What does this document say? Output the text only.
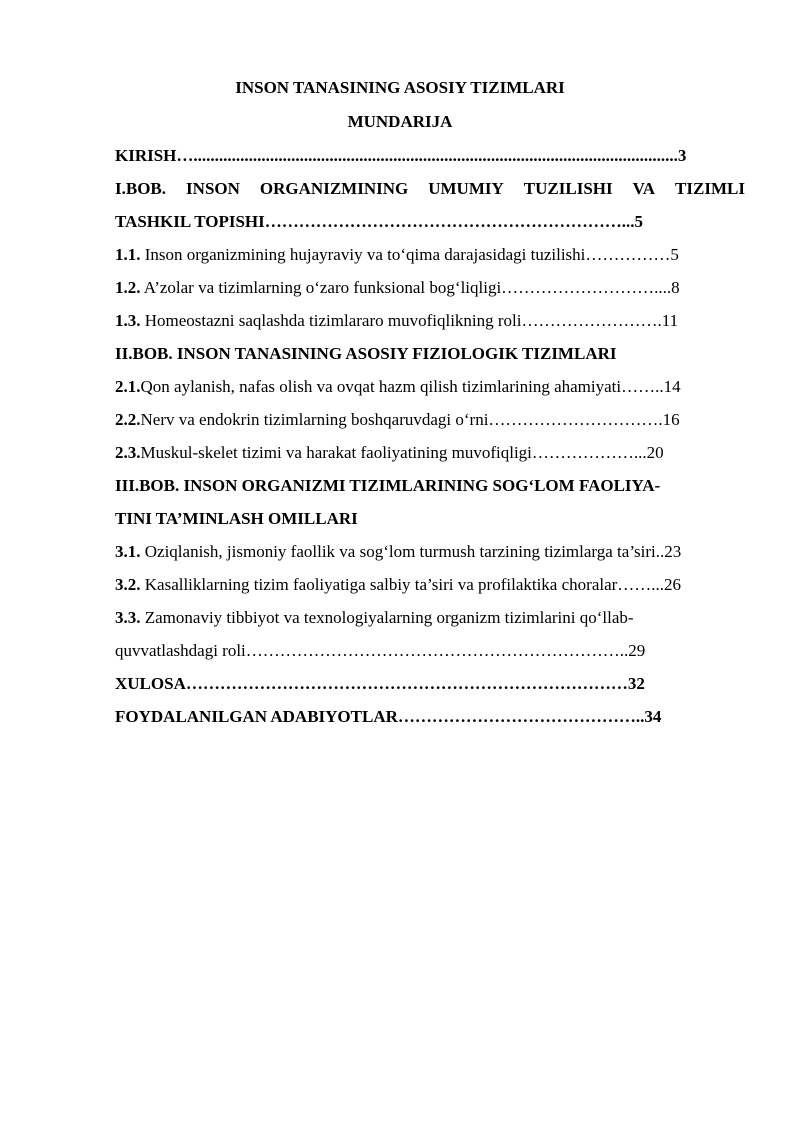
INSON TANASINING ASOSIY TIZIMLARI
MUNDARIJA
KIRISH…..................................................................................................................3
I.BOB. INSON ORGANIZMINING UMUMIY TUZILISHI VA TIZIMLI
TASHKIL TOPISHI………………………………………………………...5
1.1. Inson organizmining hujayraviy va to‘qima darajasidagi tuzilishi……………5
1.2. A’zolar va tizimlarning o‘zaro funksional bog‘liqligi………………………....8
1.3. Homeostazni saqlashda tizimlararo muvofiqlikning roli…………………….11
II.BOB. INSON TANASINING ASOSIY FIZIOLOGIK TIZIMLARI
2.1.Qon aylanish, nafas olish va ovqat hazm qilish tizimlarining ahamiyati……..14
2.2.Nerv va endokrin tizimlarning boshqaruvdagi o‘rni………………………….16
2.3.Muskul-skelet tizimi va harakat faoliyatining muvofiqligi………………...20
III.BOB. INSON ORGANIZMI TIZIMLARINING SOG‘LOM FAOLIYA-
TINI TA’MINLASH OMILLARI
3.1. Oziqlanish, jismoniy faollik va sog‘lom turmush tarzining tizimlarga ta’siri..23
3.2. Kasalliklarning tizim faoliyatiga salbiy ta’siri va profilaktika choralar……...26
3.3. Zamonaviy tibbiyot va texnologiyalarning organizm tizimlarini qo‘llab-
quvvatlashdagi roli…………………………………………………………..29
XULOSA……………………………………………………………………32
FOYDALANILGAN ADABIYOTLAR……………………………………..34
